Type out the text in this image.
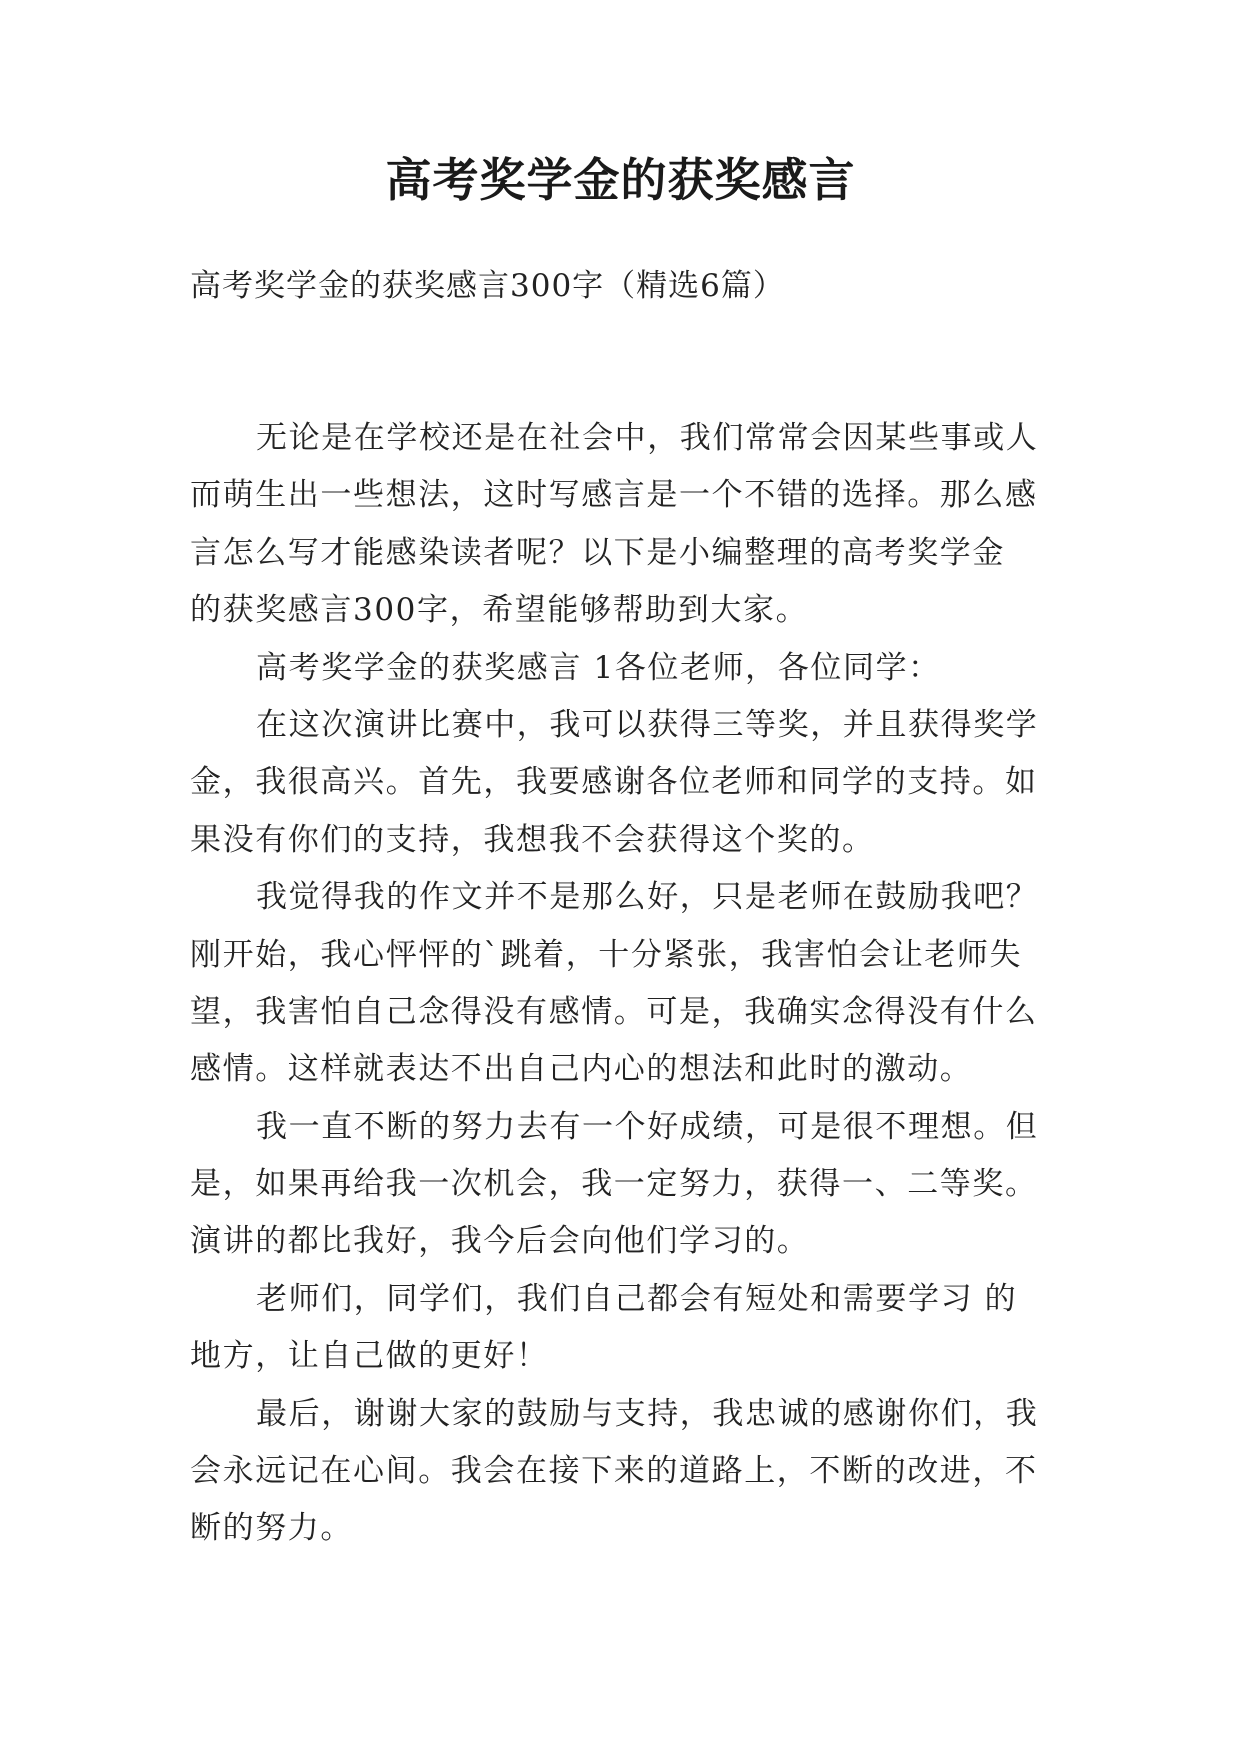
高考奖学金的获奖感言
高考奖学金的获奖感言300字（精选6篇）
无论是在学校还是在社会中，我们常常会因某些事或人
而萌生出一些想法，这时写感言是一个不错的选择。那么感
言怎么写才能感染读者呢？以下是小编整理的高考奖学金
的获奖感言300字，希望能够帮助到大家。
高考奖学金的获奖感言 1各位老师，各位同学：
在这次演讲比赛中，我可以获得三等奖，并且获得奖学
金，我很高兴。首先，我要感谢各位老师和同学的支持。如
果没有你们的支持，我想我不会获得这个奖的。
我觉得我的作文并不是那么好，只是老师在鼓励我吧？
刚开始，我心怦怦的`跳着，十分紧张，我害怕会让老师失
望，我害怕自己念得没有感情。可是，我确实念得没有什么
感情。这样就表达不出自己内心的想法和此时的激动。
我一直不断的努力去有一个好成绩，可是很不理想。但
是，如果再给我一次机会，我一定努力，获得一、二等奖。
演讲的都比我好，我今后会向他们学习的。
老师们，同学们，我们自己都会有短处和需要学习 的
地方，让自己做的更好！
最后，谢谢大家的鼓励与支持，我忠诚的感谢你们，我
会永远记在心间。我会在接下来的道路上，不断的改进，不
断的努力。
